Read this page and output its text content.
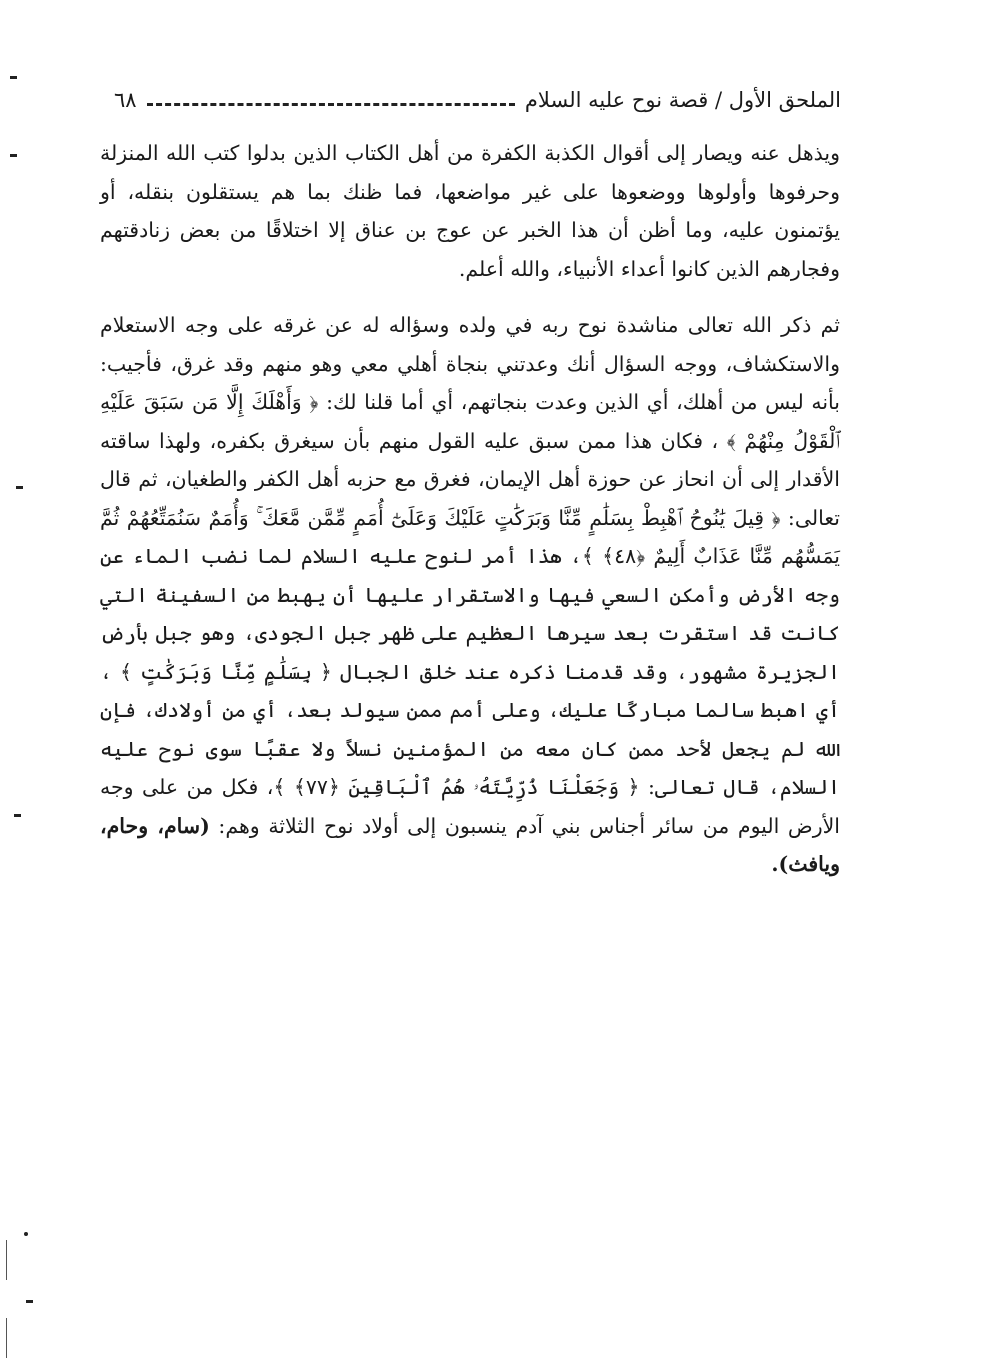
الملحق الأول / قصة نوح عليه السلام
٦٨

ويذهل عنه ويصار إلى أقوال الكذبة الكفرة من أهل الكتاب الذين بدلوا كتب الله المنزلة وحرفوها وأولوها ووضعوها على غير مواضعها، فما ظنك بما هم يستقلون بنقله، أو يؤتمنون عليه، وما أظن أن هذا الخبر عن عوج بن عناق إلا اختلاقًا من بعض زنادقتهم وفجارهم الذين كانوا أعداء الأنبياء، والله أعلم.

ثم ذكر الله تعالى مناشدة نوح ربه في ولده وسؤاله له عن غرقه على وجه الاستعلام والاستكشاف، ووجه السؤال أنك وعدتني بنجاة أهلي معي وهو منهم وقد غرق، فأجيب: بأنه ليس من أهلك، أي الذين وعدت بنجاتهم، أي أما قلنا لك: ﴿ وَأَهْلَكَ إِلَّا مَن سَبَقَ عَلَيْهِ ٱلْقَوْلُ مِنْهُمْ ﴾ ، فكان هذا ممن سبق عليه القول منهم بأن سيغرق بكفره، ولهذا ساقته الأقدار إلى أن انحاز عن حوزة أهل الإيمان، فغرق مع حزبه أهل الكفر والطغيان، ثم قال تعالى: ﴿ قِيلَ يَٰنُوحُ ٱهْبِطْ بِسَلَٰمٍ مِّنَّا وَبَرَكَٰتٍ عَلَيْكَ وَعَلَىٰٓ أُمَمٍ مِّمَّن مَّعَكَ ۚ وَأُمَمٌ سَنُمَتِّعُهُمْ ثُمَّ يَمَسُّهُم مِّنَّا عَذَابٌ أَلِيمٌ ﴿٤٨﴾ ﴾، هذا أمر لنوح عليه السلام لما نضب الماء عن وجه الأرض وأمكن السعي فيها والاستقرار عليها أن يهبط من السفينة التي كانت قد استقرت بعد سيرها العظيم على ظهر جبل الجودى، وهو جبل بأرض الجزيرة مشهور، وقد قدمنا ذكره عند خلق الجبال ﴿ بِسَلَٰمٍ مِّنَّا وَبَرَكَٰتٍ ﴾ ، أي اهبط سالما مباركًا عليك، وعلى أمم ممن سيولد بعد، أي من أولادك، فإن الله لم يجعل لأحد ممن كان معه من المؤمنين نسلاً ولا عقبًا سوى نوح عليه السلام، قال تعالى: ﴿ وَجَعَلْنَا ذُرِّيَّتَهُۥ هُمُ ٱلْبَاقِينَ ﴿٧٧﴾ ﴾، فكل من على وجه الأرض اليوم من سائر أجناس بني آدم ينسبون إلى أولاد نوح الثلاثة وهم: (سام، وحام، ويافث).
